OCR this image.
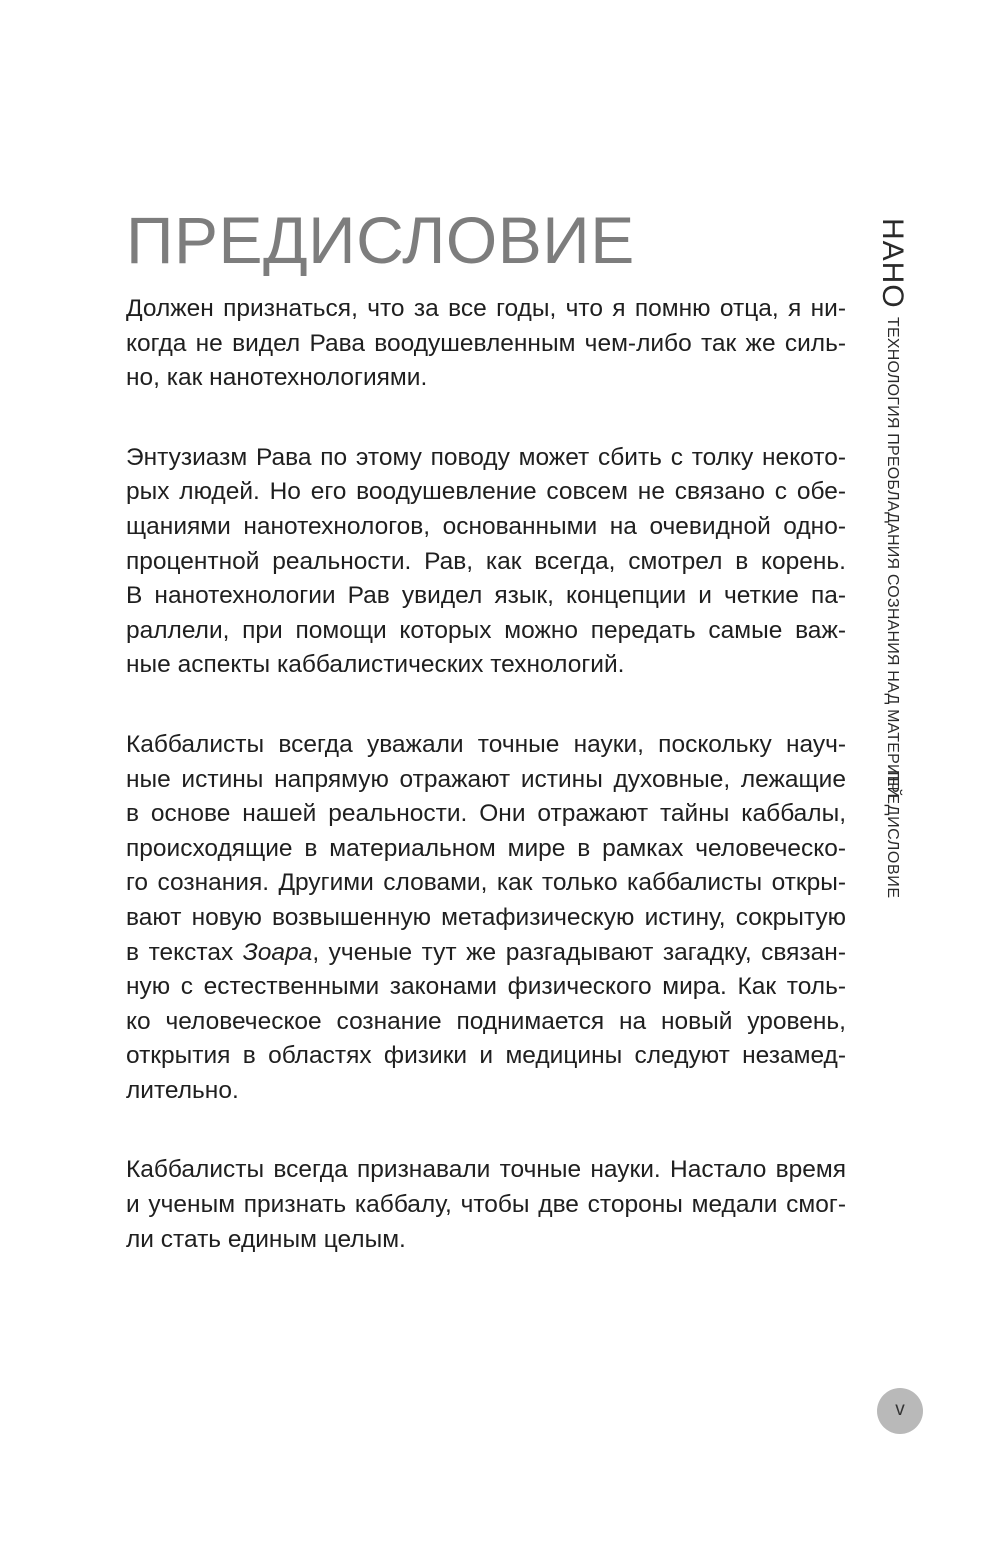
ПРЕДИСЛОВИЕ

Должен признаться, что за все годы, что я помню отца, я ни-
когда не видел Рава воодушевленным чем-либо так же силь-
но, как нанотехнологиями.

Энтузиазм Рава по этому поводу может сбить с толку некото-
рых людей. Но его воодушевление совсем не связано с обе-
щаниями нанотехнологов, основанными на очевидной одно-
процентной реальности. Рав, как всегда, смотрел в корень.
В нанотехнологии Рав увидел язык, концепции и четкие па-
раллели, при помощи которых можно передать самые важ-
ные аспекты каббалистических технологий.

Каббалисты всегда уважали точные науки, поскольку науч-
ные истины напрямую отражают истины духовные, лежащие
в основе нашей реальности. Они отражают тайны каббалы,
происходящие в материальном мире в рамках человеческо-
го сознания. Другими словами, как только каббалисты откры-
вают новую возвышенную метафизическую истину, сокрытую
в текстах Зоара, ученые тут же разгадывают загадку, связан-
ную с естественными законами физического мира. Как толь-
ко человеческое сознание поднимается на новый уровень,
открытия в областях физики и медицины следуют незамед-
лительно.

Каббалисты всегда признавали точные науки. Настало время
и ученым признать каббалу, чтобы две стороны медали смог-
ли стать единым целым.

НАНО ТЕХНОЛОГИЯ ПРЕОБЛАДАНИЯ СОЗНАНИЯ НАД МАТЕРИЕЙ
ПРЕДИСЛОВИЕ
v
